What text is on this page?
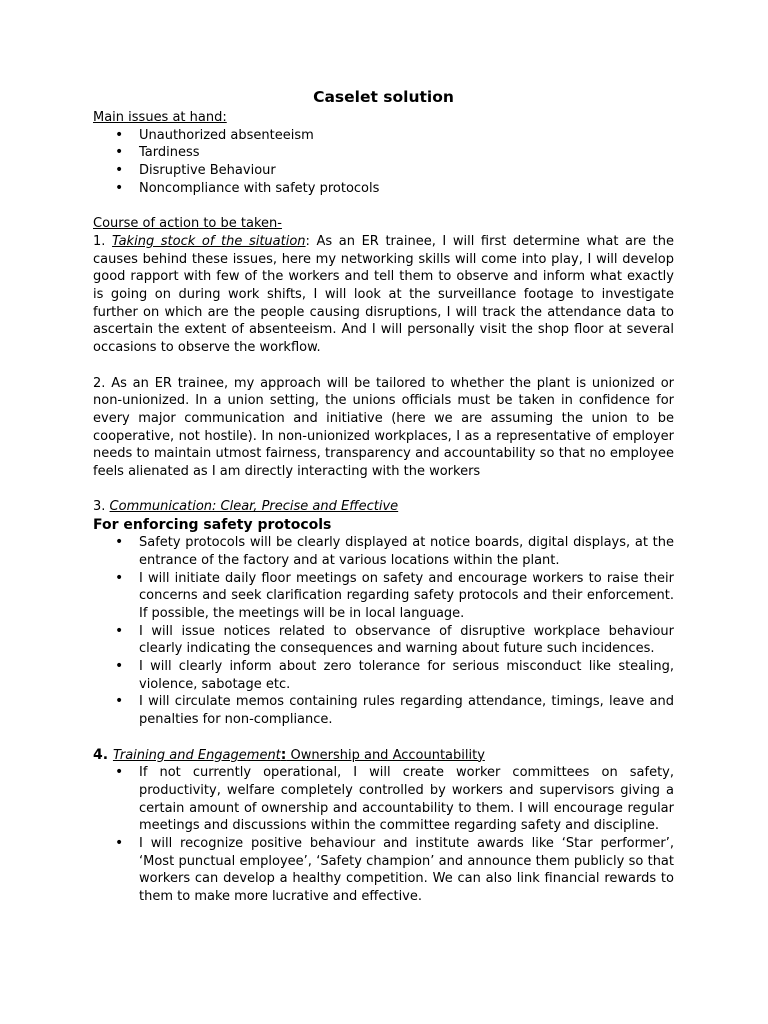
Caselet solution

Main issues at hand:

• Unauthorized absenteeism
• Tardiness
• Disruptive Behaviour
• Noncompliance with safety protocols

Course of action to be taken-

1. Taking stock of the situation: As an ER trainee, I will first determine what are the causes behind these issues, here my networking skills will come into play, I will develop good rapport with few of the workers and tell them to observe and inform what exactly is going on during work shifts, I will look at the surveillance footage to investigate further on which are the people causing disruptions, I will track the attendance data to ascertain the extent of absenteeism. And I will personally visit the shop floor at several occasions to observe the workflow.

2. As an ER trainee, my approach will be tailored to whether the plant is unionized or non-unionized. In a union setting, the unions officials must be taken in confidence for every major communication and initiative (here we are assuming the union to be cooperative, not hostile). In non-unionized workplaces, I as a representative of employer needs to maintain utmost fairness, transparency and accountability so that no employee feels alienated as I am directly interacting with the workers

3. Communication: Clear, Precise and Effective

For enforcing safety protocols

• Safety protocols will be clearly displayed at notice boards, digital displays, at the entrance of the factory and at various locations within the plant.
• I will initiate daily floor meetings on safety and encourage workers to raise their concerns and seek clarification regarding safety protocols and their enforcement. If possible, the meetings will be in local language.
• I will issue notices related to observance of disruptive workplace behaviour clearly indicating the consequences and warning about future such incidences.
• I will clearly inform about zero tolerance for serious misconduct like stealing, violence, sabotage etc.
• I will circulate memos containing rules regarding attendance, timings, leave and penalties for non-compliance.

4. Training and Engagement: Ownership and Accountability

• If not currently operational, I will create worker committees on safety, productivity, welfare completely controlled by workers and supervisors giving a certain amount of ownership and accountability to them. I will encourage regular meetings and discussions within the committee regarding safety and discipline.
• I will recognize positive behaviour and institute awards like ‘Star performer’, ‘Most punctual employee’, ‘Safety champion’ and announce them publicly so that workers can develop a healthy competition. We can also link financial rewards to them to make more lucrative and effective.
